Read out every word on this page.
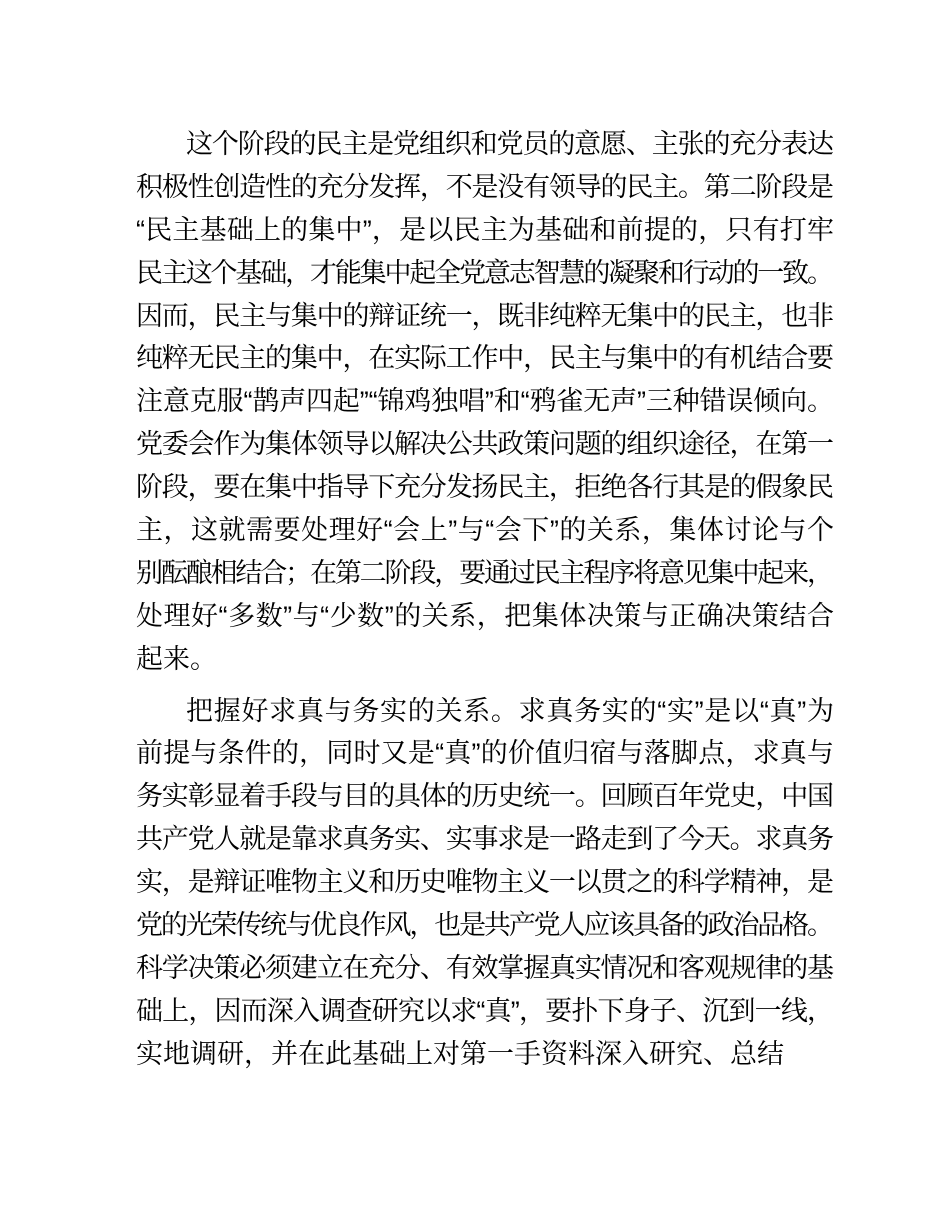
这个阶段的民主是党组织和党员的意愿、主张的充分表达
积极性创造性的充分发挥，不是没有领导的民主。第二阶段是
“民主基础上的集中”，是以民主为基础和前提的，只有打牢
民主这个基础，才能集中起全党意志智慧的凝聚和行动的一致。
因而，民主与集中的辩证统一，既非纯粹无集中的民主，也非
纯粹无民主的集中，在实际工作中，民主与集中的有机结合要
注意克服“鹊声四起”“锦鸡独唱”和“鸦雀无声”三种错误倾向。
党委会作为集体领导以解决公共政策问题的组织途径，在第一
阶段，要在集中指导下充分发扬民主，拒绝各行其是的假象民
主，这就需要处理好“会上”与“会下”的关系，集体讨论与个
别酝酿相结合；在第二阶段，要通过民主程序将意见集中起来，
处理好“多数”与“少数”的关系，把集体决策与正确决策结合
起来。
把握好求真与务实的关系。求真务实的“实”是以“真”为
前提与条件的，同时又是“真”的价值归宿与落脚点，求真与
务实彰显着手段与目的具体的历史统一。回顾百年党史，中国
共产党人就是靠求真务实、实事求是一路走到了今天。求真务
实，是辩证唯物主义和历史唯物主义一以贯之的科学精神，是
党的光荣传统与优良作风，也是共产党人应该具备的政治品格。
科学决策必须建立在充分、有效掌握真实情况和客观规律的基
础上，因而深入调查研究以求“真”，要扑下身子、沉到一线，
实地调研，并在此基础上对第一手资料深入研究、总结
